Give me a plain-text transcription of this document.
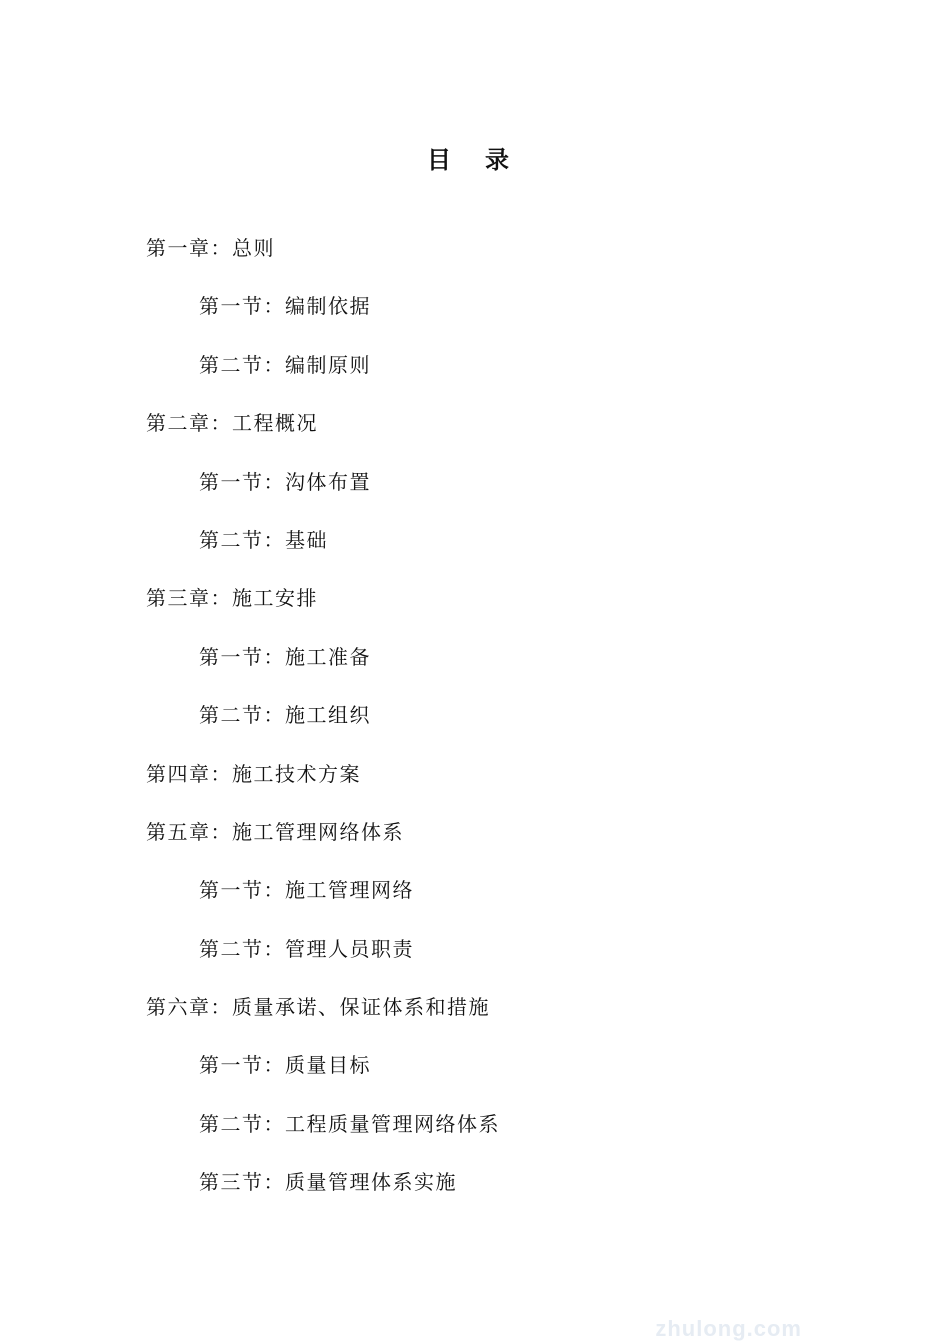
目录
第一章：总则
第一节：编制依据
第二节：编制原则
第二章：工程概况
第一节：沟体布置
第二节：基础
第三章：施工安排
第一节：施工准备
第二节：施工组织
第四章：施工技术方案
第五章：施工管理网络体系
第一节：施工管理网络
第二节：管理人员职责
第六章：质量承诺、保证体系和措施
第一节：质量目标
第二节：工程质量管理网络体系
第三节：质量管理体系实施
zhulong.com
